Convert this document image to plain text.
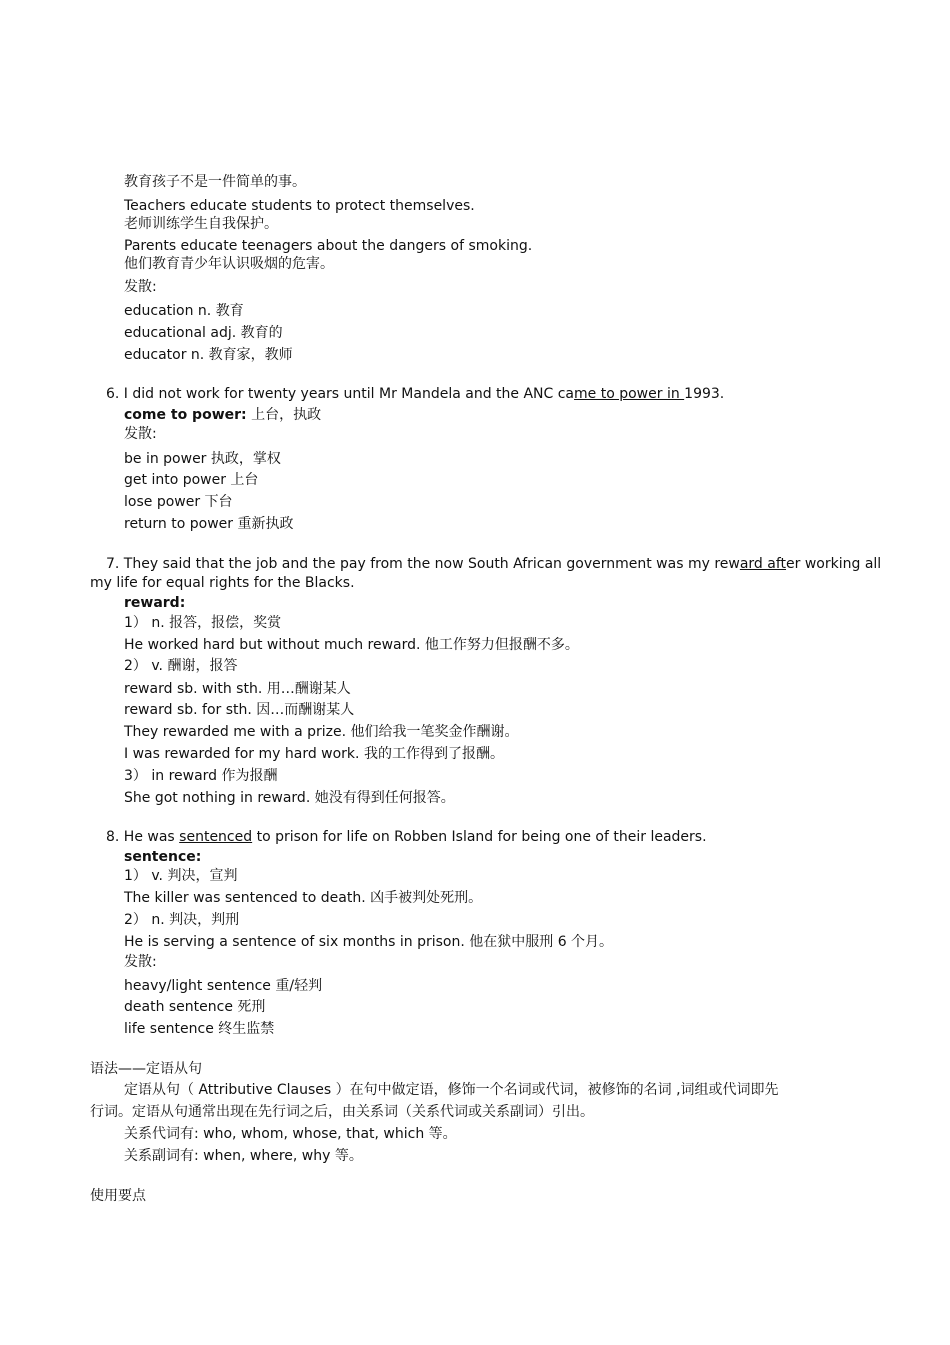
教育孩子不是一件简单的事。
Teachers educate students to protect themselves.
老师训练学生自我保护。
Parents educate teenagers about the dangers of smoking.
他们教育青少年认识吸烟的危害。
发散:
education n. 教育
educational adj. 教育的
educator n. 教育家，教师
6. I did not work for twenty years until Mr Mandela and the ANC came to power in 1993.
come to power: 上台，执政
发散:
be in power 执政，掌权
get into power 上台
lose power 下台
return to power 重新执政
7. They said that the job and the pay from the now South African government was my reward after working all
my life for equal rights for the Blacks.
reward:
1） n. 报答，报偿，奖赏
He worked hard but without much reward. 他工作努力但报酬不多。
2） v. 酬谢，报答
reward sb. with sth. 用…酬谢某人
reward sb. for sth. 因…而酬谢某人
They rewarded me with a prize. 他们给我一笔奖金作酬谢。
I was rewarded for my hard work. 我的工作得到了报酬。
3） in reward 作为报酬
She got nothing in reward. 她没有得到任何报答。
8. He was sentenced to prison for life on Robben Island for being one of their leaders.
sentence:
1） v. 判决，宣判
The killer was sentenced to death. 凶手被判处死刑。
2） n. 判决，判刑
He is serving a sentence of six months in prison. 他在狱中服刑 6 个月。
发散:
heavy/light sentence 重/轻判
death sentence 死刑
life sentence 终生监禁
语法——定语从句
定语从句（ Attributive Clauses ）在句中做定语，修饰一个名词或代词，被修饰的名词 ,词组或代词即先
行词。定语从句通常出现在先行词之后，由关系词（关系代词或关系副词）引出。
关系代词有: who, whom, whose, that, which 等。
关系副词有: when, where, why 等。
使用要点
